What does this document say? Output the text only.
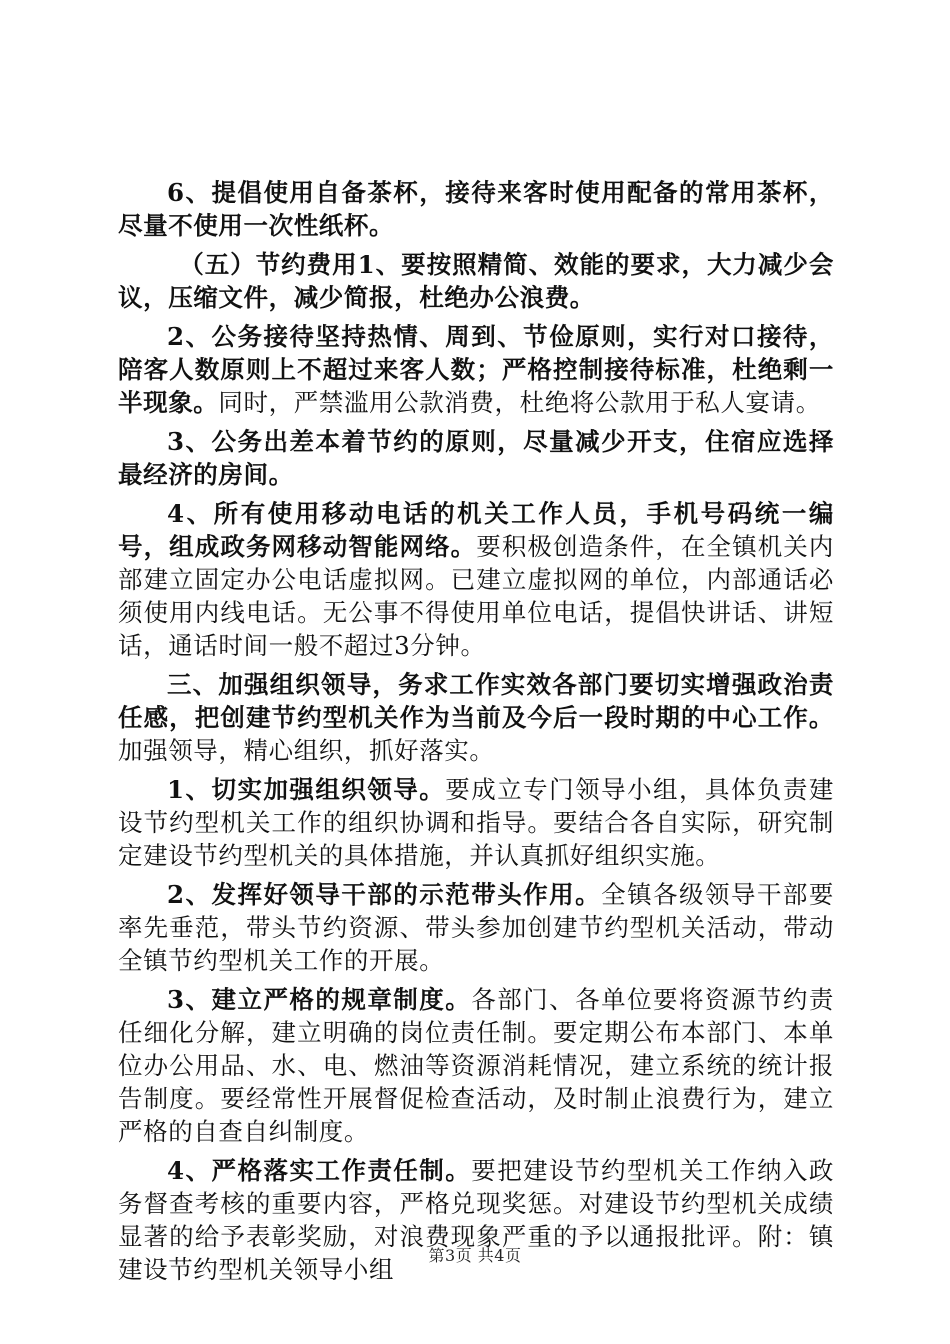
6、提倡使用自备茶杯，接待来客时使用配备的常用茶杯，尽量不使用一次性纸杯。

（五）节约费用1、要按照精简、效能的要求，大力减少会议，压缩文件，减少简报，杜绝办公浪费。

2、公务接待坚持热情、周到、节俭原则，实行对口接待，陪客人数原则上不超过来客人数；严格控制接待标准，杜绝剩一半现象。同时，严禁滥用公款消费，杜绝将公款用于私人宴请。

3、公务出差本着节约的原则，尽量减少开支，住宿应选择最经济的房间。

4、所有使用移动电话的机关工作人员，手机号码统一编号，组成政务网移动智能网络。要积极创造条件，在全镇机关内部建立固定办公电话虚拟网。已建立虚拟网的单位，内部通话必须使用内线电话。无公事不得使用单位电话，提倡快讲话、讲短话，通话时间一般不超过3分钟。

三、加强组织领导，务求工作实效各部门要切实增强政治责任感，把创建节约型机关作为当前及今后一段时期的中心工作。加强领导，精心组织，抓好落实。

1、切实加强组织领导。要成立专门领导小组，具体负责建设节约型机关工作的组织协调和指导。要结合各自实际，研究制定建设节约型机关的具体措施，并认真抓好组织实施。

2、发挥好领导干部的示范带头作用。全镇各级领导干部要率先垂范，带头节约资源、带头参加创建节约型机关活动，带动全镇节约型机关工作的开展。

3、建立严格的规章制度。各部门、各单位要将资源节约责任细化分解，建立明确的岗位责任制。要定期公布本部门、本单位办公用品、水、电、燃油等资源消耗情况，建立系统的统计报告制度。要经常性开展督促检查活动，及时制止浪费行为，建立严格的自查自纠制度。

4、严格落实工作责任制。要把建设节约型机关工作纳入政务督查考核的重要内容，严格兑现奖惩。对建设节约型机关成绩显著的给予表彰奖励，对浪费现象严重的予以通报批评。附：镇建设节约型机关领导小组	第3页 共4页
